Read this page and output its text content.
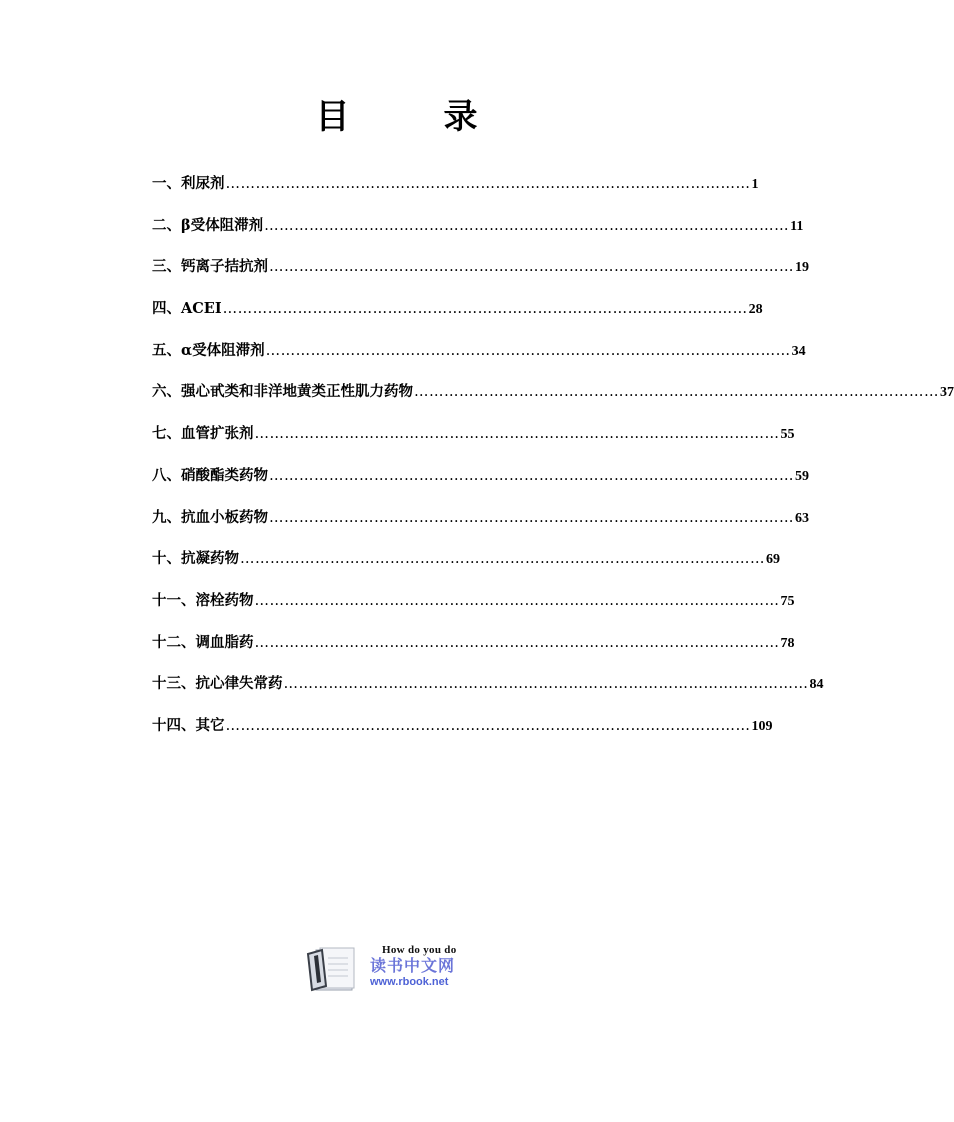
目　录
一、利尿剂 …………………………………………………………………………………………… 1
二、β受体阻滞剂 …………………………………………………………………………………………… 11
三、钙离子拮抗剂 …………………………………………………………………………………………… 19
四、ACEI …………………………………………………………………………………………… 28
五、α受体阻滞剂 …………………………………………………………………………………………… 34
六、强心甙类和非洋地黄类正性肌力药物 …………………………………………………………………………………………… 37
七、血管扩张剂 …………………………………………………………………………………………… 55
八、硝酸酯类药物 …………………………………………………………………………………………… 59
九、抗血小板药物 …………………………………………………………………………………………… 63
十、抗凝药物 …………………………………………………………………………………………… 69
十一、溶栓药物 …………………………………………………………………………………………… 75
十二、调血脂药 …………………………………………………………………………………………… 78
十三、抗心律失常药 …………………………………………………………………………………………… 84
十四、其它 …………………………………………………………………………………………… 109
How do you do
读书中文网
www.rbook.net
